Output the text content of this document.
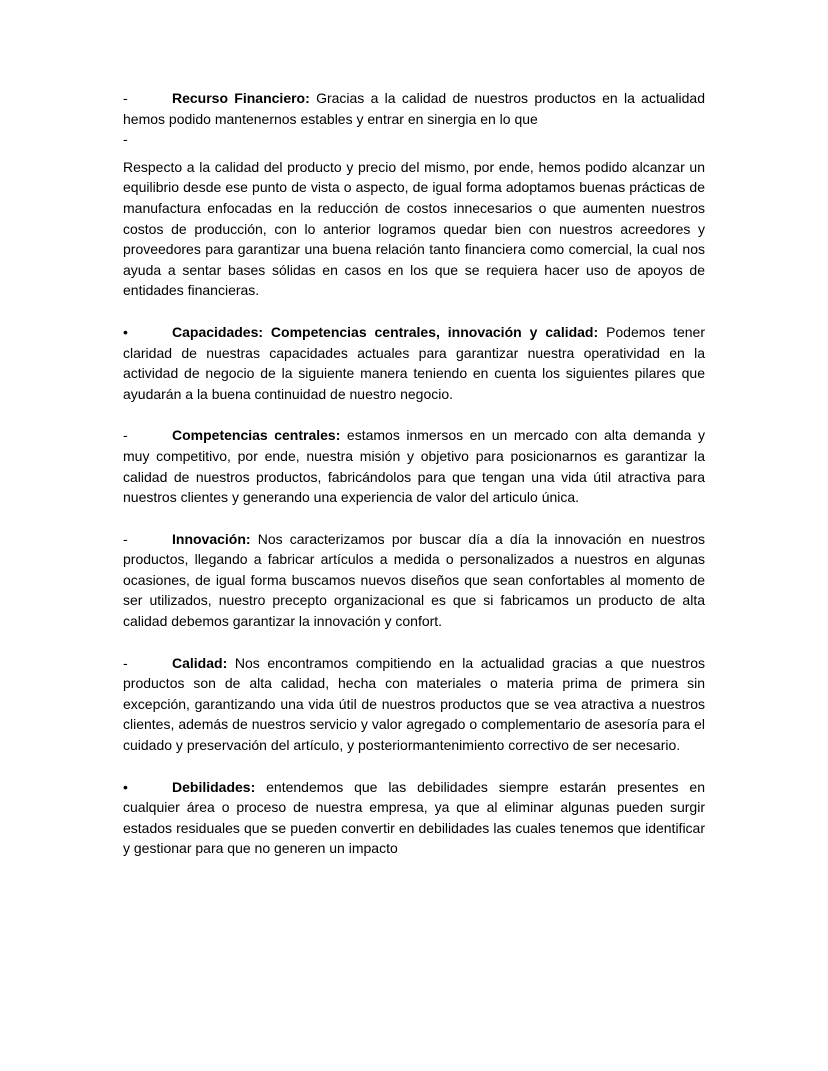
-	Recurso Financiero: Gracias a la calidad de nuestros productos en la actualidad hemos podido mantenernos estables y entrar en sinergia en lo que

-

Respecto a la calidad del producto y precio del mismo, por ende, hemos podido alcanzar un equilibrio desde ese punto de vista o aspecto, de igual forma adoptamos buenas prácticas de manufactura enfocadas en la reducción de costos innecesarios o que aumenten nuestros costos de producción, con lo anterior logramos quedar bien con nuestros acreedores y proveedores para garantizar una buena relación tanto financiera como comercial, la cual nos ayuda a sentar bases sólidas en casos en los que se requiera hacer uso de apoyos de entidades financieras.

•	Capacidades: Competencias centrales, innovación y calidad: Podemos tener claridad de nuestras capacidades actuales para garantizar nuestra operatividad en la actividad de negocio de la siguiente manera teniendo en cuenta los siguientes pilares que ayudarán a la buena continuidad de nuestro negocio.

-	Competencias centrales: estamos inmersos en un mercado con alta demanda y muy competitivo, por ende, nuestra misión y objetivo para posicionarnos es garantizar la calidad de nuestros productos, fabricándolos para que tengan una vida útil atractiva para nuestros clientes y generando una experiencia de valor del articulo única.

-	Innovación: Nos caracterizamos por buscar día a día la innovación en nuestros productos, llegando a fabricar artículos a medida o personalizados a nuestros en algunas ocasiones, de igual forma buscamos nuevos diseños que sean confortables al momento de ser utilizados, nuestro precepto organizacional es que si fabricamos un producto de alta calidad debemos garantizar la innovación y confort.

-	Calidad: Nos encontramos compitiendo en la actualidad gracias a que nuestros productos son de alta calidad, hecha con materiales o materia prima de primera sin excepción, garantizando una vida útil de nuestros productos que se vea atractiva a nuestros clientes, además de nuestros servicio y valor agregado o complementario de asesoría para el cuidado y preservación del artículo, y posteriormantenimiento correctivo de ser necesario.

•	Debilidades: entendemos que las debilidades siempre estarán presentes en cualquier área o proceso de nuestra empresa, ya que al eliminar algunas pueden surgir estados residuales que se pueden convertir en debilidades las cuales tenemos que identificar y gestionar para que no generen un impacto
